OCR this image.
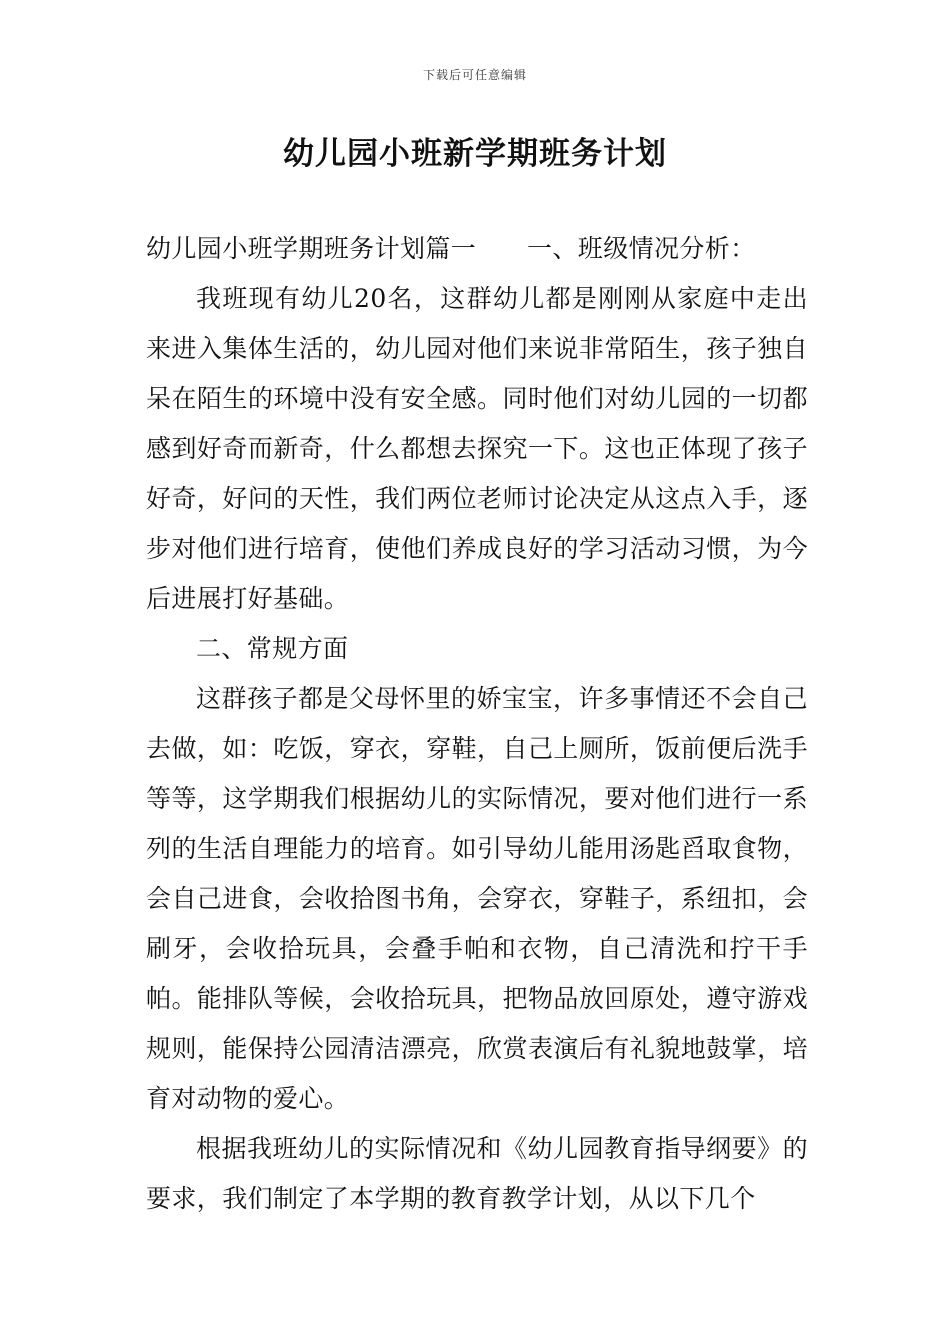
下载后可任意编辑
幼儿园小班新学期班务计划

幼儿园小班学期班务计划篇一　　一、班级情况分析：

我班现有幼儿20名，这群幼儿都是刚刚从家庭中走出来进入集体生活的，幼儿园对他们来说非常陌生，孩子独自呆在陌生的环境中没有安全感。同时他们对幼儿园的一切都感到好奇而新奇，什么都想去探究一下。这也正体现了孩子好奇，好问的天性，我们两位老师讨论决定从这点入手，逐步对他们进行培育，使他们养成良好的学习活动习惯，为今后进展打好基础。

二、常规方面

这群孩子都是父母怀里的娇宝宝，许多事情还不会自己去做，如：吃饭，穿衣，穿鞋，自己上厕所，饭前便后洗手等等，这学期我们根据幼儿的实际情况，要对他们进行一系列的生活自理能力的培育。如引导幼儿能用汤匙舀取食物，会自己进食，会收拾图书角，会穿衣，穿鞋子，系纽扣，会刷牙，会收拾玩具，会叠手帕和衣物，自己清洗和拧干手帕。能排队等候，会收拾玩具，把物品放回原处，遵守游戏规则，能保持公园清洁漂亮，欣赏表演后有礼貌地鼓掌，培育对动物的爱心。

根据我班幼儿的实际情况和《幼儿园教育指导纲要》的要求，我们制定了本学期的教育教学计划，从以下几个
